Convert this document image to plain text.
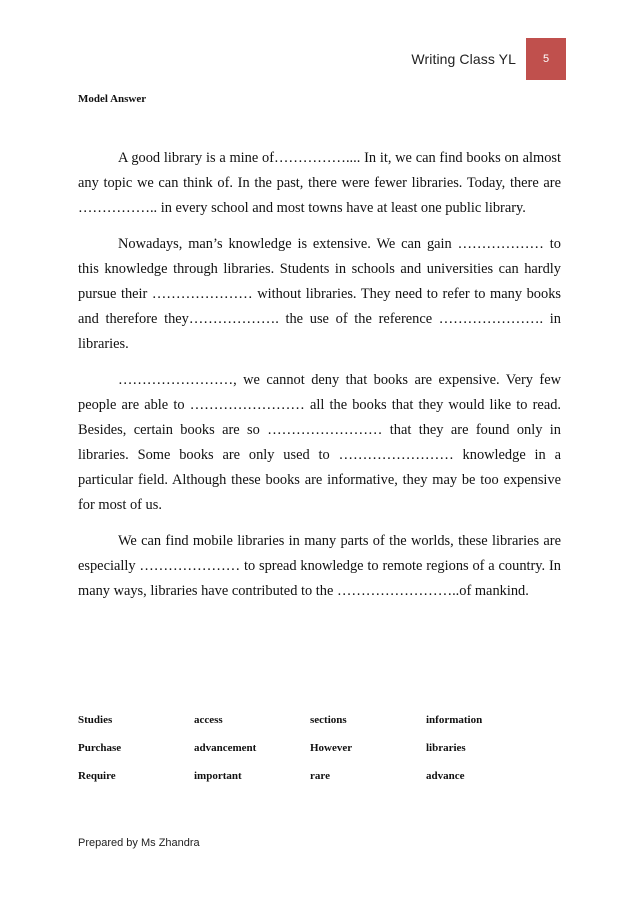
Writing Class YL	5
Model Answer

A good library is a mine of…………….... In it, we can find books on almost any topic we can think of. In the past, there were fewer libraries. Today, there are …………….. in every school and most towns have at least one public library.

Nowadays, man’s knowledge is extensive. We can gain ……………… to this knowledge through libraries. Students in schools and universities can hardly pursue their ………………… without libraries. They need to refer to many books and therefore they………………. the use of the reference …………………. in libraries.

……………………, we cannot deny that books are expensive. Very few people are able to …………………… all the books that they would like to read. Besides, certain books are so …………………… that they are found only in libraries. Some books are only used to …………………… knowledge in a particular field. Although these books are informative, they may be too expensive for most of us.

We can find mobile libraries in many parts of the worlds, these libraries are especially ………………… to spread knowledge to remote regions of a country. In many ways, libraries have contributed to the ……………………..of mankind.

Studies	access	sections	information
Purchase	advancement	However	libraries
Require	important	rare	advance
Prepared by Ms Zhandra
